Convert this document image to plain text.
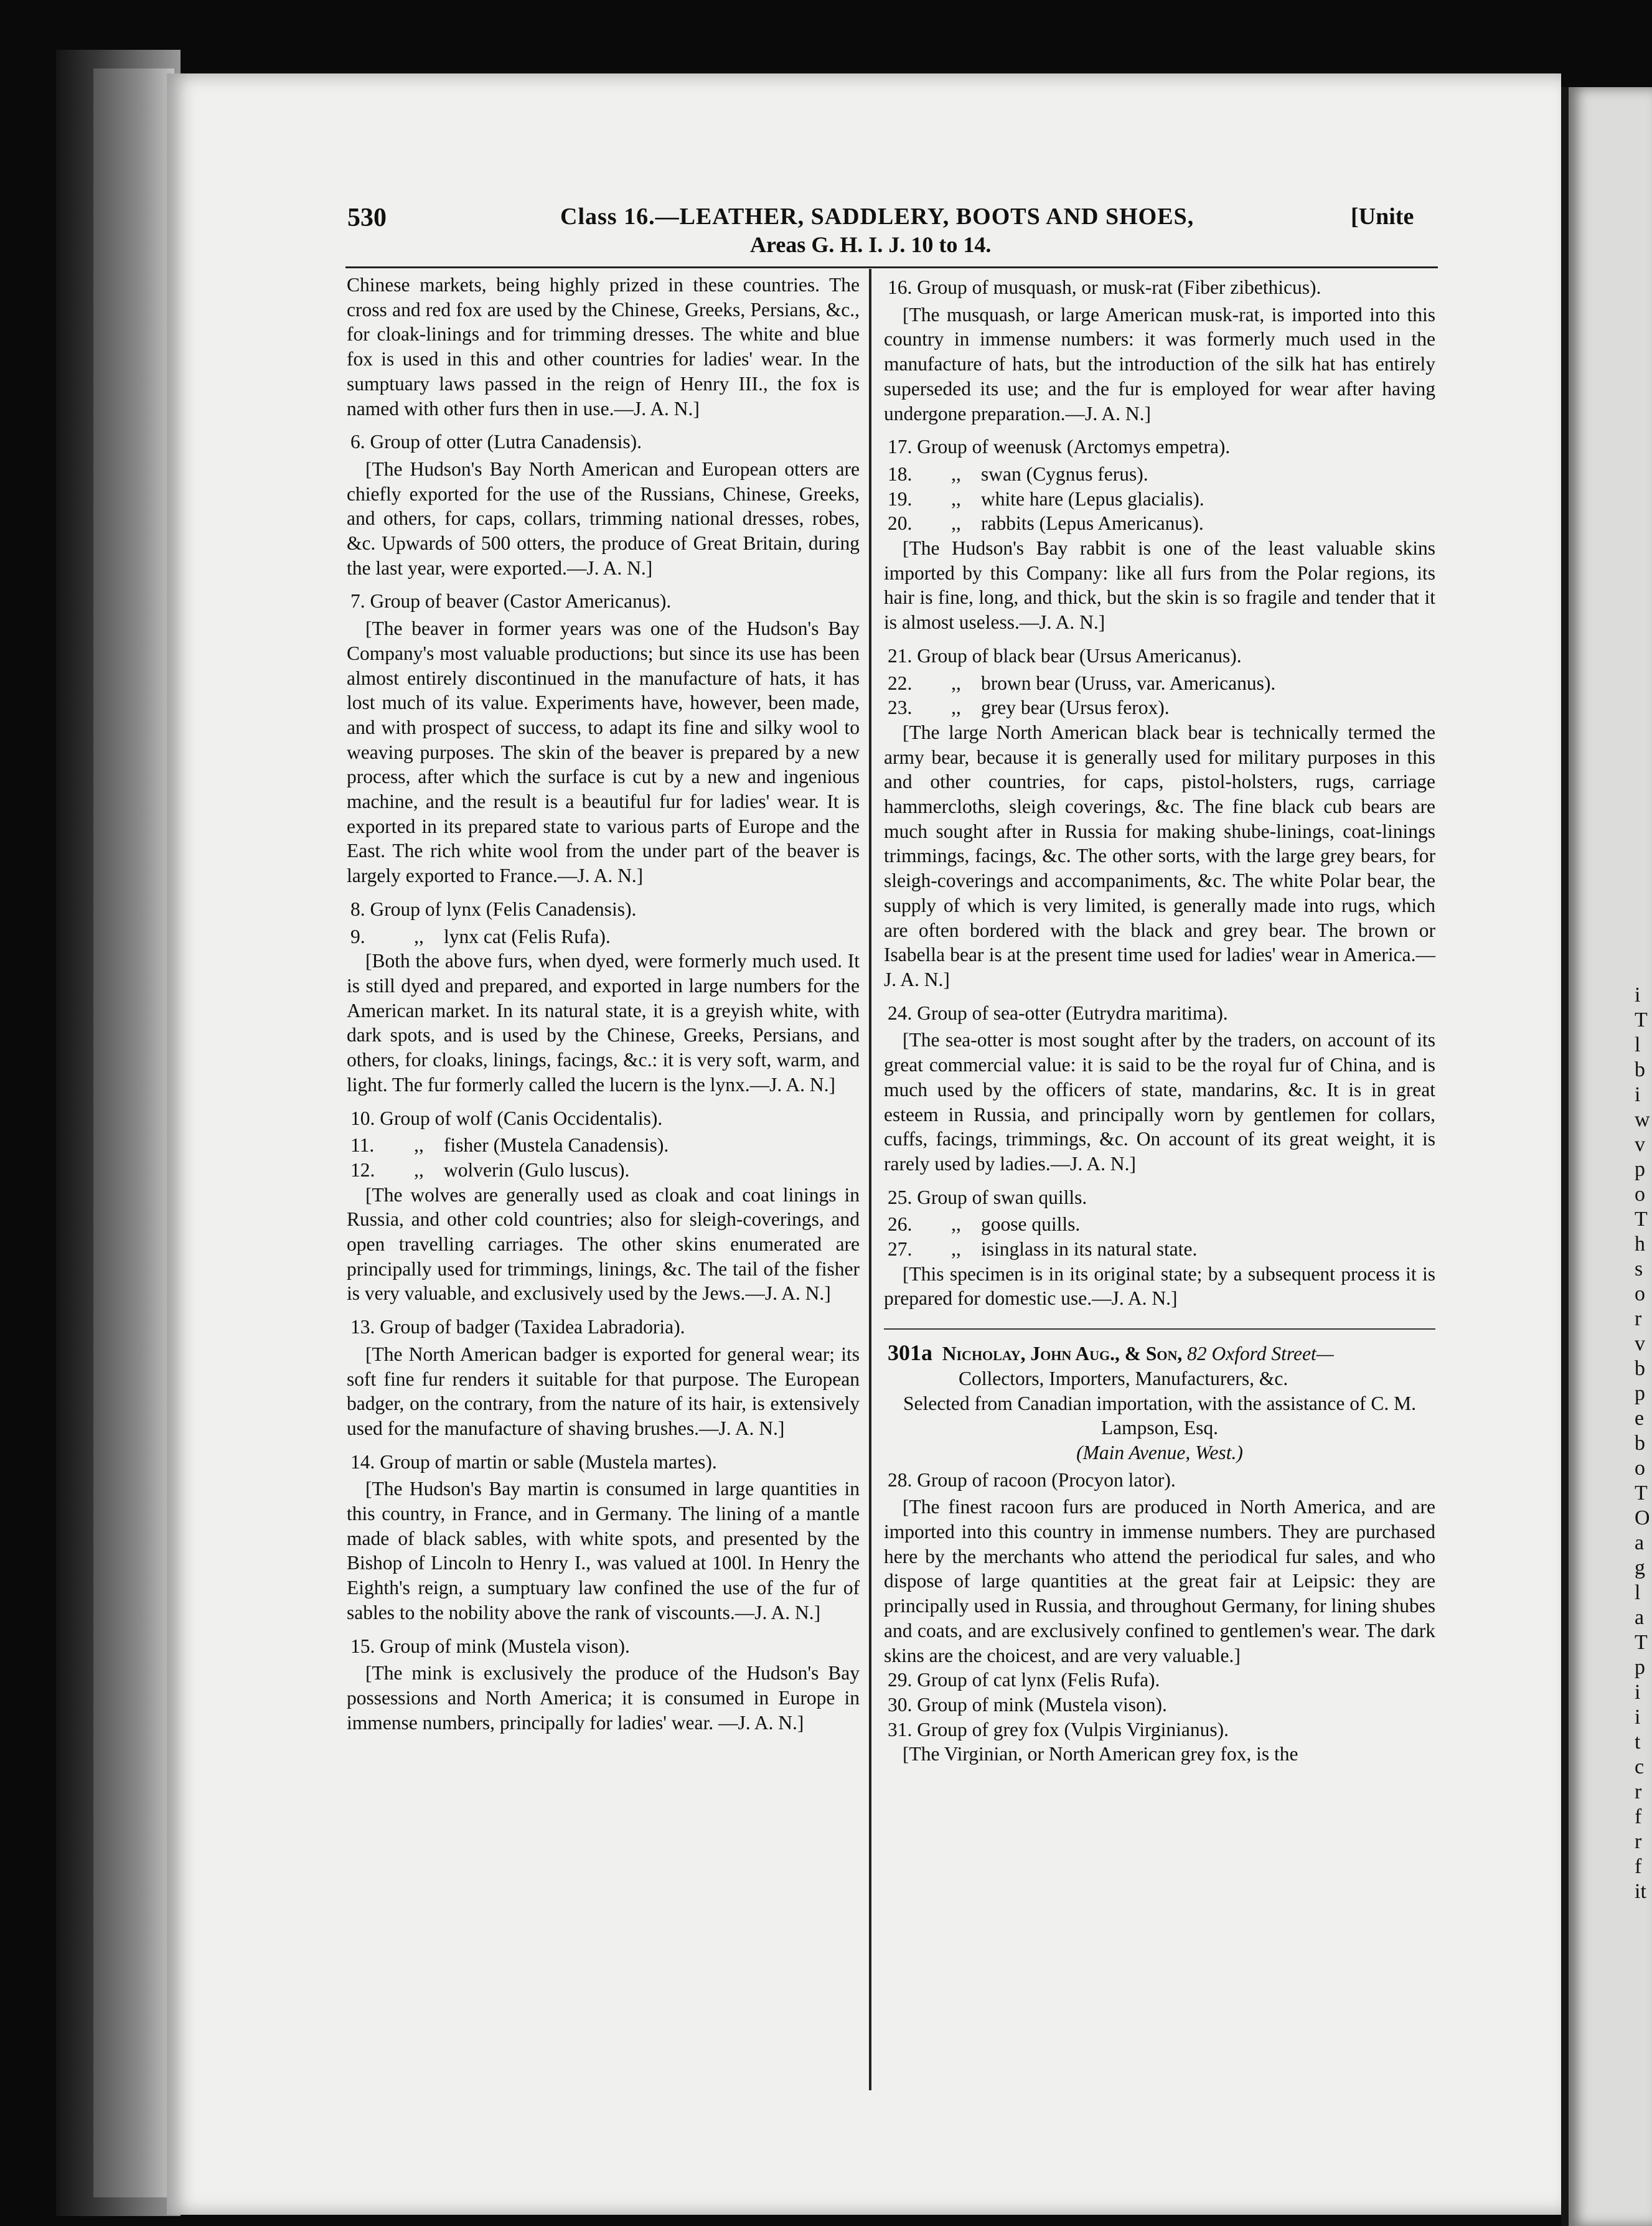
i
T
l
b
i
w
v
p
o
T
h
s
o
r
v
b
p
e
b
o
T
O
a
g
l
a
T
p
i
i
t
c
r
f
r
f
it
530	Class 16.—LEATHER, SADDLERY, BOOTS AND SHOES,	[Unite
Areas G. H. I. J. 10 to 14.

Chinese markets, being highly prized in these countries. The cross and red fox are used by the Chinese, Greeks, Persians, &c., for cloak-linings and for trimming dresses. The white and blue fox is used in this and other countries for ladies' wear. In the sumptuary laws passed in the reign of Henry III., the fox is named with other furs then in use.—J. A. N.]

6. Group of otter (Lutra Canadensis).

[The Hudson's Bay North American and European otters are chiefly exported for the use of the Russians, Chinese, Greeks, and others, for caps, collars, trimming national dresses, robes, &c. Upwards of 500 otters, the produce of Great Britain, during the last year, were exported.—J. A. N.]

7. Group of beaver (Castor Americanus).

[The beaver in former years was one of the Hudson's Bay Company's most valuable productions; but since its use has been almost entirely discontinued in the manufacture of hats, it has lost much of its value. Experiments have, however, been made, and with prospect of success, to adapt its fine and silky wool to weaving purposes. The skin of the beaver is prepared by a new process, after which the surface is cut by a new and ingenious machine, and the result is a beautiful fur for ladies' wear. It is exported in its prepared state to various parts of Europe and the East. The rich white wool from the under part of the beaver is largely exported to France.—J. A. N.]

8. Group of lynx (Felis Canadensis).

9. ,, lynx cat (Felis Rufa).

[Both the above furs, when dyed, were formerly much used. It is still dyed and prepared, and exported in large numbers for the American market. In its natural state, it is a greyish white, with dark spots, and is used by the Chinese, Greeks, Persians, and others, for cloaks, linings, facings, &c.: it is very soft, warm, and light. The fur formerly called the lucern is the lynx.—J. A. N.]

10. Group of wolf (Canis Occidentalis).

11. ,, fisher (Mustela Canadensis).

12. ,, wolverin (Gulo luscus).

[The wolves are generally used as cloak and coat linings in Russia, and other cold countries; also for sleigh-coverings, and open travelling carriages. The other skins enumerated are principally used for trimmings, linings, &c. The tail of the fisher is very valuable, and exclusively used by the Jews.—J. A. N.]

13. Group of badger (Taxidea Labradoria).

[The North American badger is exported for general wear; its soft fine fur renders it suitable for that purpose. The European badger, on the contrary, from the nature of its hair, is extensively used for the manufacture of shaving brushes.—J. A. N.]

14. Group of martin or sable (Mustela martes).

[The Hudson's Bay martin is consumed in large quantities in this country, in France, and in Germany. The lining of a mantle made of black sables, with white spots, and presented by the Bishop of Lincoln to Henry I., was valued at 100l. In Henry the Eighth's reign, a sumptuary law confined the use of the fur of sables to the nobility above the rank of viscounts.—J. A. N.]

15. Group of mink (Mustela vison).

[The mink is exclusively the produce of the Hudson's Bay possessions and North America; it is consumed in Europe in immense numbers, principally for ladies' wear. —J. A. N.]

16. Group of musquash, or musk-rat (Fiber zibethicus).

[The musquash, or large American musk-rat, is imported into this country in immense numbers: it was formerly much used in the manufacture of hats, but the introduction of the silk hat has entirely superseded its use; and the fur is employed for wear after having undergone preparation.—J. A. N.]

17. Group of weenusk (Arctomys empetra).

18. ,, swan (Cygnus ferus).

19. ,, white hare (Lepus glacialis).

20. ,, rabbits (Lepus Americanus).

[The Hudson's Bay rabbit is one of the least valuable skins imported by this Company: like all furs from the Polar regions, its hair is fine, long, and thick, but the skin is so fragile and tender that it is almost useless.—J. A. N.]

21. Group of black bear (Ursus Americanus).

22. ,, brown bear (Uruss, var. Americanus).

23. ,, grey bear (Ursus ferox).

[The large North American black bear is technically termed the army bear, because it is generally used for military purposes in this and other countries, for caps, pistol-holsters, rugs, carriage hammercloths, sleigh coverings, &c. The fine black cub bears are much sought after in Russia for making shube-linings, coat-linings trimmings, facings, &c. The other sorts, with the large grey bears, for sleigh-coverings and accompaniments, &c. The white Polar bear, the supply of which is very limited, is generally made into rugs, which are often bordered with the black and grey bear. The brown or Isabella bear is at the present time used for ladies' wear in America.—J. A. N.]

24. Group of sea-otter (Eutrydra maritima).

[The sea-otter is most sought after by the traders, on account of its great commercial value: it is said to be the royal fur of China, and is much used by the officers of state, mandarins, &c. It is in great esteem in Russia, and principally worn by gentlemen for collars, cuffs, facings, trimmings, &c. On account of its great weight, it is rarely used by ladies.—J. A. N.]

25. Group of swan quills.

26. ,, goose quills.

27. ,, isinglass in its natural state.

[This specimen is in its original state; by a subsequent process it is prepared for domestic use.—J. A. N.]

301a Nicholay, John Aug., & Son, 82 Oxford Street—

Collectors, Importers, Manufacturers, &c.

Selected from Canadian importation, with the assistance of C. M. Lampson, Esq.

(Main Avenue, West.)

28. Group of racoon (Procyon lator).

[The finest racoon furs are produced in North America, and are imported into this country in immense numbers. They are purchased here by the merchants who attend the periodical fur sales, and who dispose of large quantities at the great fair at Leipsic: they are principally used in Russia, and throughout Germany, for lining shubes and coats, and are exclusively confined to gentlemen's wear. The dark skins are the choicest, and are very valuable.]

29. Group of cat lynx (Felis Rufa).

30. Group of mink (Mustela vison).

31. Group of grey fox (Vulpis Virginianus).

[The Virginian, or North American grey fox, is the
